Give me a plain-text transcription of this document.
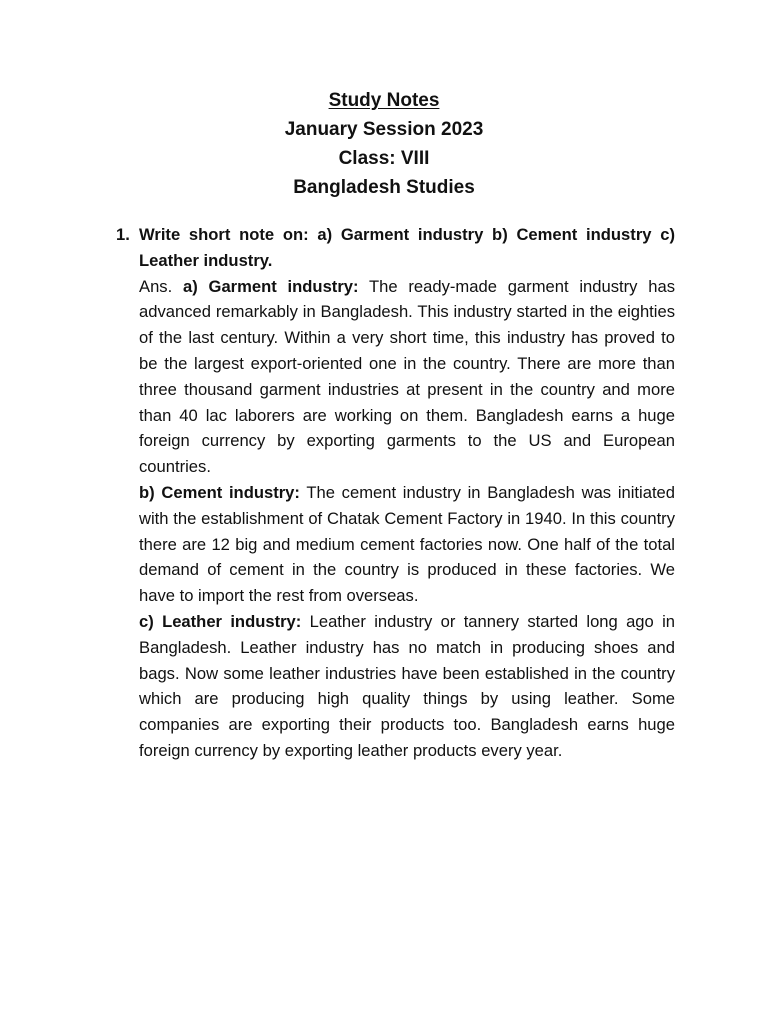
Study Notes
January Session 2023
Class: VIII
Bangladesh Studies
1. Write short note on: a) Garment industry b) Cement industry c) Leather industry.
Ans. a) Garment industry: The ready-made garment industry has advanced remarkably in Bangladesh. This industry started in the eighties of the last century. Within a very short time, this industry has proved to be the largest export-oriented one in the country. There are more than three thousand garment industries at present in the country and more than 40 lac laborers are working on them. Bangladesh earns a huge foreign currency by exporting garments to the US and European countries.
b) Cement industry: The cement industry in Bangladesh was initiated with the establishment of Chatak Cement Factory in 1940. In this country there are 12 big and medium cement factories now. One half of the total demand of cement in the country is produced in these factories. We have to import the rest from overseas.
c) Leather industry: Leather industry or tannery started long ago in Bangladesh. Leather industry has no match in producing shoes and bags. Now some leather industries have been established in the country which are producing high quality things by using leather. Some companies are exporting their products too. Bangladesh earns huge foreign currency by exporting leather products every year.
